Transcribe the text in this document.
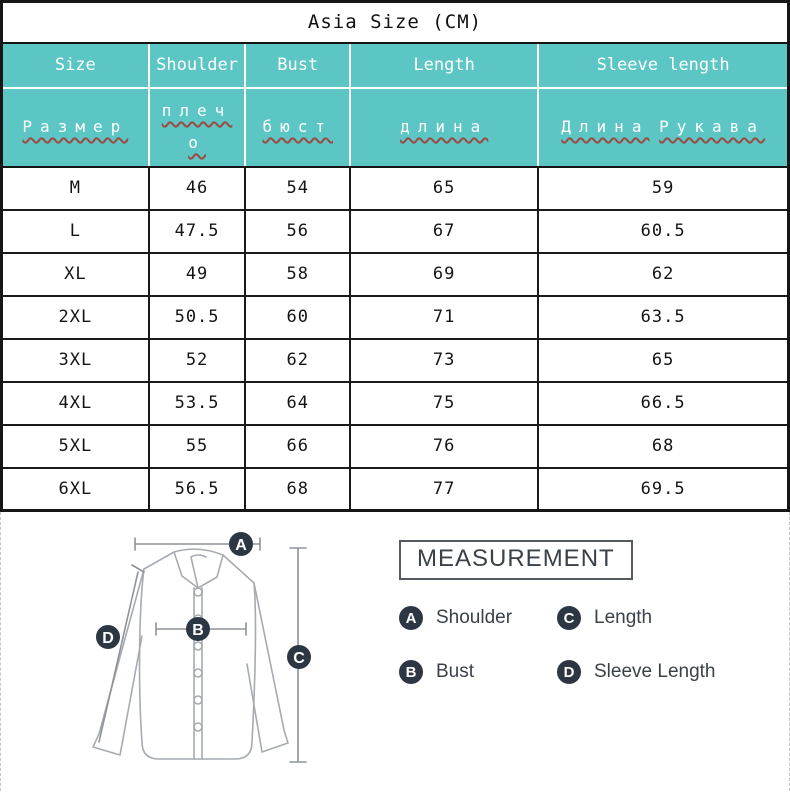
Asia Size (CM)				
Size	Shoulder	Bust	Length	Sleeve length
Размер	плечо	бюст	длина	Длина Рукава
M	46	54	65	59
L	47.5	56	67	60.5
XL	49	58	69	62
2XL	50.5	60	71	63.5
3XL	52	62	73	65
4XL	53.5	64	75	66.5
5XL	55	66	76	68
6XL	56.5	68	77	69.5
A
B
C
D
MEASUREMENT
A	Shoulder	C	Length
B	Bust	D	Sleeve Length
